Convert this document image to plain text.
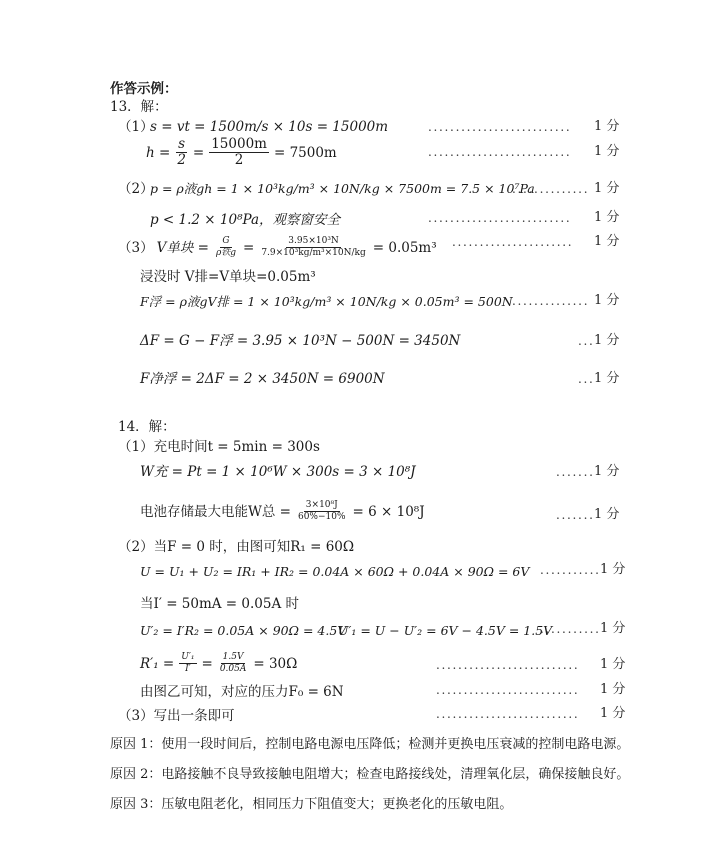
作答示例：
13．解：
（1）
s = vt = 1500m/s × 10s = 15000m	.......................... 1 分
$h = \frac{s}{2} = \frac{15000m}{2} = 7500m$	.......................... 1 分
（2）
p = ρ液gh = 1 × 10³kg/m³ × 10N/kg × 7500m = 7.5 × 10⁷Pa
.............. 1 分
p < 1.2 × 10⁸Pa，观察窗安全	.......................... 1 分
（3） V单块 = $\frac{G}{\text{ρ铁g}} = \frac{\text{3.95×10³N}}{\text{7.9×10³kg/m³×10N/kg}} = 0.05m^3$ ...................... 1 分
浸没时 V排=V单块=0.05m³
F浮 = ρ液gV排 = 1 × 10³kg/m³ × 10N/kg × 0.05m³ = 500N .............. 1 分
ΔF = G − F浮 = 3.95 × 10³N − 500N = 3450N	... 1 分
F净浮 = 2ΔF = 2 × 3450N = 6900N	... 1 分
14．解：
（1）充电时间t = 5min = 300s
W充 = Pt = 1 × 10⁶W × 300s = 3 × 10⁸J	....... 1 分
电池存储最大电能W总 = $\frac{\text{3×10⁸J}}{60\%-10\%} = 6 \times 10^8J$	....... 1 分
（2）当F = 0 时，由图可知R₁ = 60Ω
U = U₁ + U₂ = IR₁ + IR₂ = 0.04A × 60Ω + 0.04A × 90Ω = 6V ........... 1 分
当I′ = 50mA = 0.05A 时
U′₂ = I′R₂ = 0.05A × 90Ω = 4.5V
U′₁ = U − U′₂ = 6V − 4.5V = 1.5V
........... 1 分
$R'_1 = \frac{\text{U′₁}}{I'} = \frac{1.5V}{0.05A} = 30\Omega$	.......................... 1 分
由图乙可知，对应的压力F₀ = 6N	.......................... 1 分
（3）写出一条即可	.......................... 1 分
原因 1：使用一段时间后，控制电路电源电压降低；检测并更换电压衰减的控制电路电源。
原因 2：电路接触不良导致接触电阻增大；检查电路接线处，清理氧化层，确保接触良好。
原因 3：压敏电阻老化，相同压力下阻值变大；更换老化的压敏电阻。
